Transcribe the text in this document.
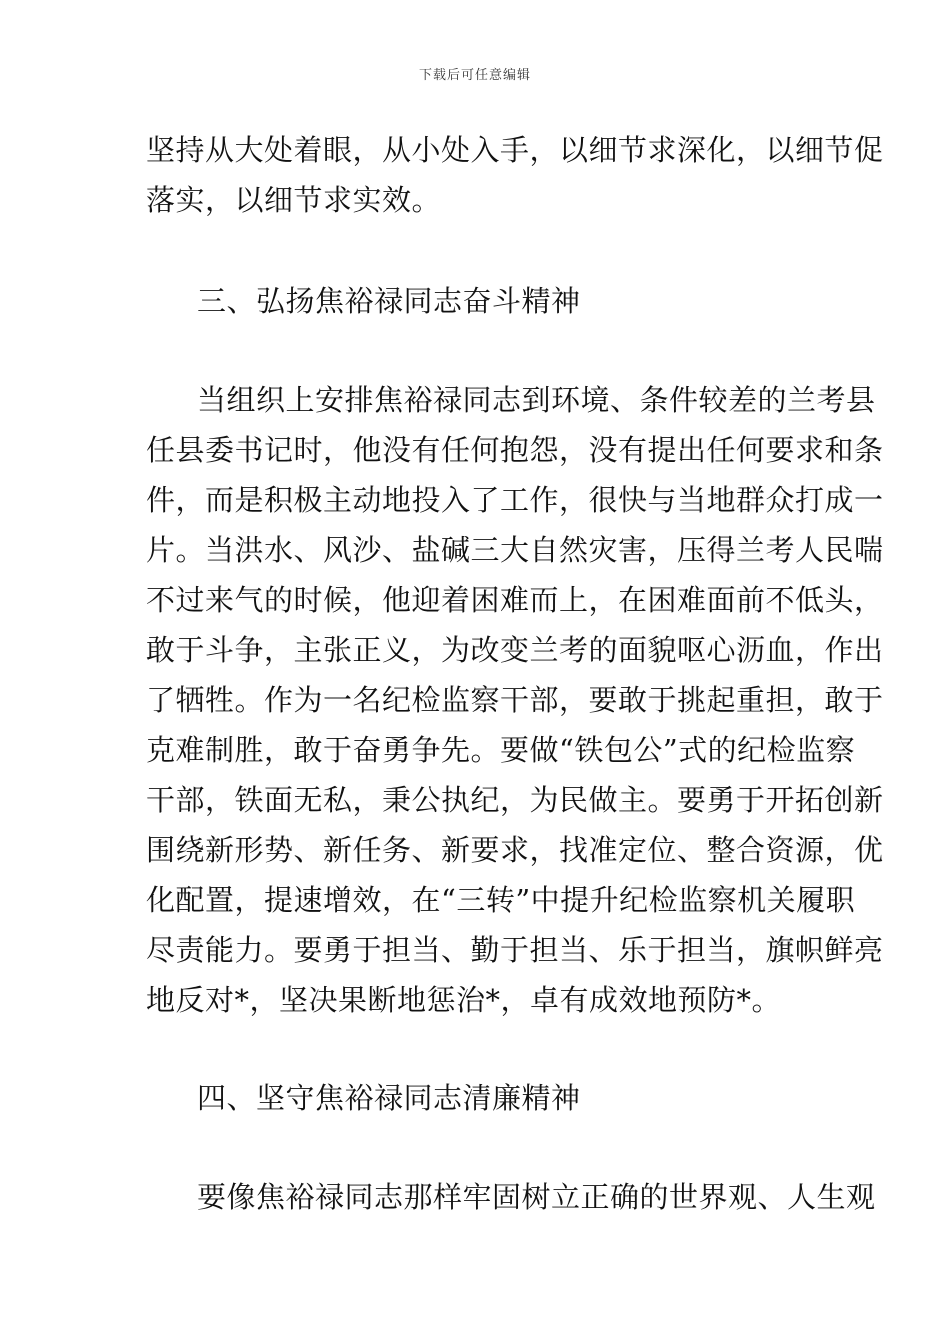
下载后可任意编辑

坚持从大处着眼，从小处入手，以细节求深化，以细节促

落实，以细节求实效。

三、弘扬焦裕禄同志奋斗精神

当组织上安排焦裕禄同志到环境、条件较差的兰考县

任县委书记时，他没有任何抱怨，没有提出任何要求和条

件，而是积极主动地投入了工作，很快与当地群众打成一

片。当洪水、风沙、盐碱三大自然灾害，压得兰考人民喘

不过来气的时候，他迎着困难而上，在困难面前不低头，

敢于斗争，主张正义，为改变兰考的面貌呕心沥血，作出

了牺牲。作为一名纪检监察干部，要敢于挑起重担，敢于

克难制胜，敢于奋勇争先。要做“铁包公”式的纪检监察

干部，铁面无私，秉公执纪，为民做主。要勇于开拓创新

围绕新形势、新任务、新要求，找准定位、整合资源，优

化配置，提速增效，在“三转”中提升纪检监察机关履职

尽责能力。要勇于担当、勤于担当、乐于担当，旗帜鲜亮

地反对*，坚决果断地惩治*，卓有成效地预防*。

四、坚守焦裕禄同志清廉精神

要像焦裕禄同志那样牢固树立正确的世界观、人生观
